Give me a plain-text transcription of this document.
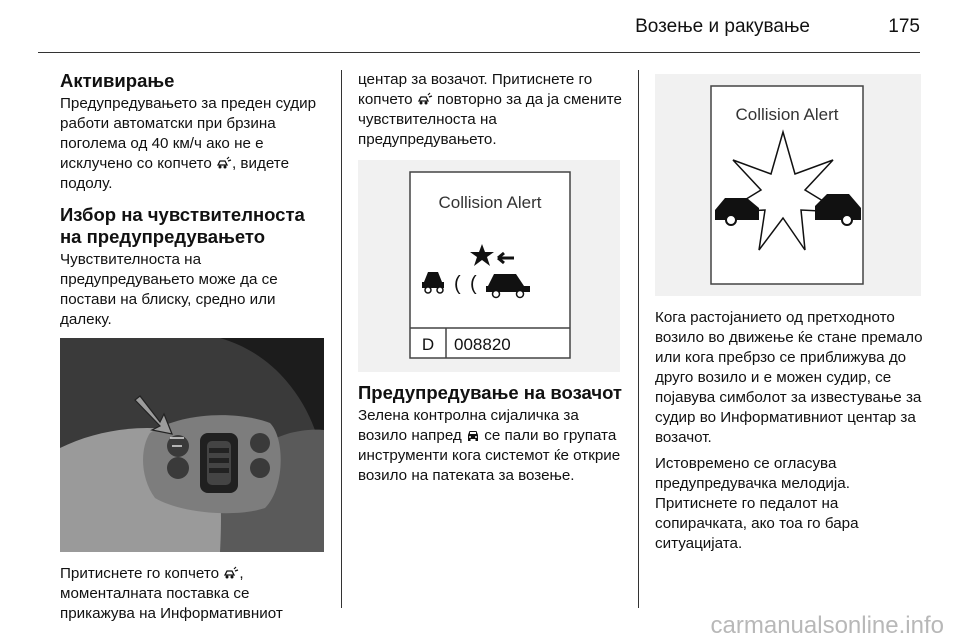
Возење и ракување	175
Активирање

Предупредувањето за преден судир работи автоматски при брзина поголема од 40 км/ч ако не е исклучено со копчето , видете подолу.

Избор на чувствителноста на предупредувањето

Чувствителноста на предупредувањето може да се постави на блиску, средно или далеку.

Притиснете го копчето , моменталната поставка се прикажува на Информативниот

центар за возачот. Притиснете го копчето  повторно за да ја смените чувствителноста на предупредувањето.

Collision Alert
( (
D 008820
Предупредување на возачот

Зелена контролна сијаличка за возило напред  се пали во групата инструменти кога системот ќе открие возило на патеката за возење.

Collision Alert

Кога растојанието од претходното возило во движење ќе стане премало или кога пребрзо се приближува до друго возило и е можен судир, се појавува симболот за известување за судир во Информативниот центар за возачот.

Истовремено се огласува предупредувачка мелодија. Притиснете го педалот на сопирачката, ако тоа го бара ситуацијата.

carmanualsonline.info
